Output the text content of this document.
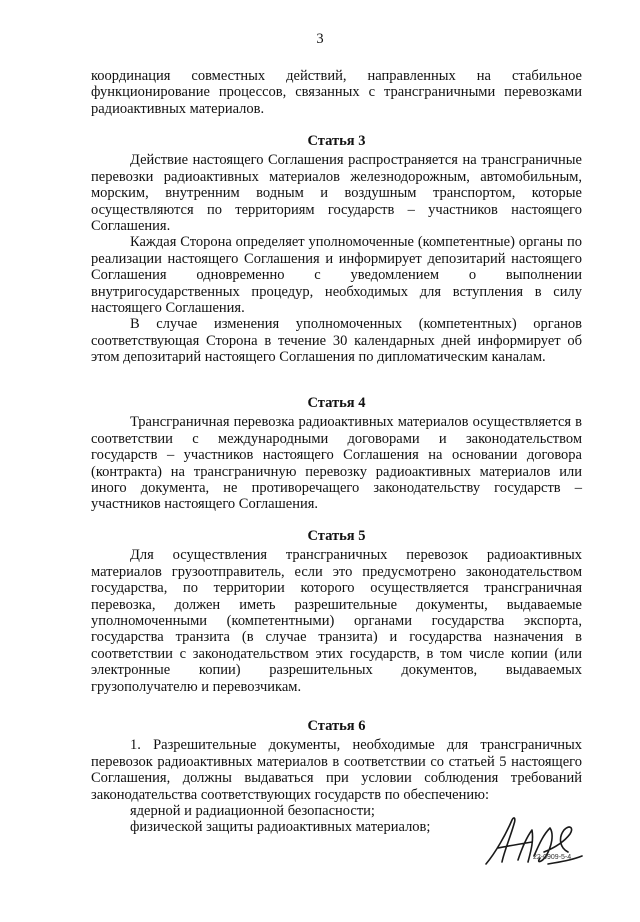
3
координация совместных действий, направленных на стабильное
функционирование процессов, связанных с трансграничными перевозками
радиоактивных материалов.
Статья 3
Действие настоящего Соглашения распространяется на трансграничные
перевозки радиоактивных материалов железнодорожным, автомобильным,
морским, внутренним водным и воздушным транспортом, которые
осуществляются по территориям государств – участников настоящего
Соглашения.
Каждая Сторона определяет уполномоченные (компетентные) органы по
реализации настоящего Соглашения и информирует депозитарий настоящего
Соглашения одновременно с уведомлением о выполнении
внутригосударственных процедур, необходимых для вступления в силу
настоящего Соглашения.
В случае изменения уполномоченных (компетентных) органов
соответствующая Сторона в течение 30 календарных дней информирует об
этом депозитарий настоящего Соглашения по дипломатическим каналам.
Статья 4
Трансграничная перевозка радиоактивных материалов осуществляется в
соответствии с международными договорами и законодательством
государств – участников настоящего Соглашения на основании договора
(контракта) на трансграничную перевозку радиоактивных материалов или
иного документа, не противоречащего законодательству государств –
участников настоящего Соглашения.
Статья 5
Для осуществления трансграничных перевозок радиоактивных
материалов грузоотправитель, если это предусмотрено законодательством
государства, по территории которого осуществляется трансграничная
перевозка, должен иметь разрешительные документы, выдаваемые
уполномоченными (компетентными) органами государства экспорта,
государства транзита (в случае транзита) и государства назначения в
соответствии с законодательством этих государств, в том числе копии (или
электронные копии) разрешительных документов, выдаваемых
грузополучателю и перевозчикам.
Статья 6
1. Разрешительные документы, необходимые для трансграничных
перевозок радиоактивных материалов в соответствии со статьей 5 настоящего
Соглашения, должны выдаваться при условии соблюдения требований
законодательства соответствующих государств по обеспечению:
ядерной и радиационной безопасности;
физической защиты радиоактивных материалов;
22-0909-5-4
